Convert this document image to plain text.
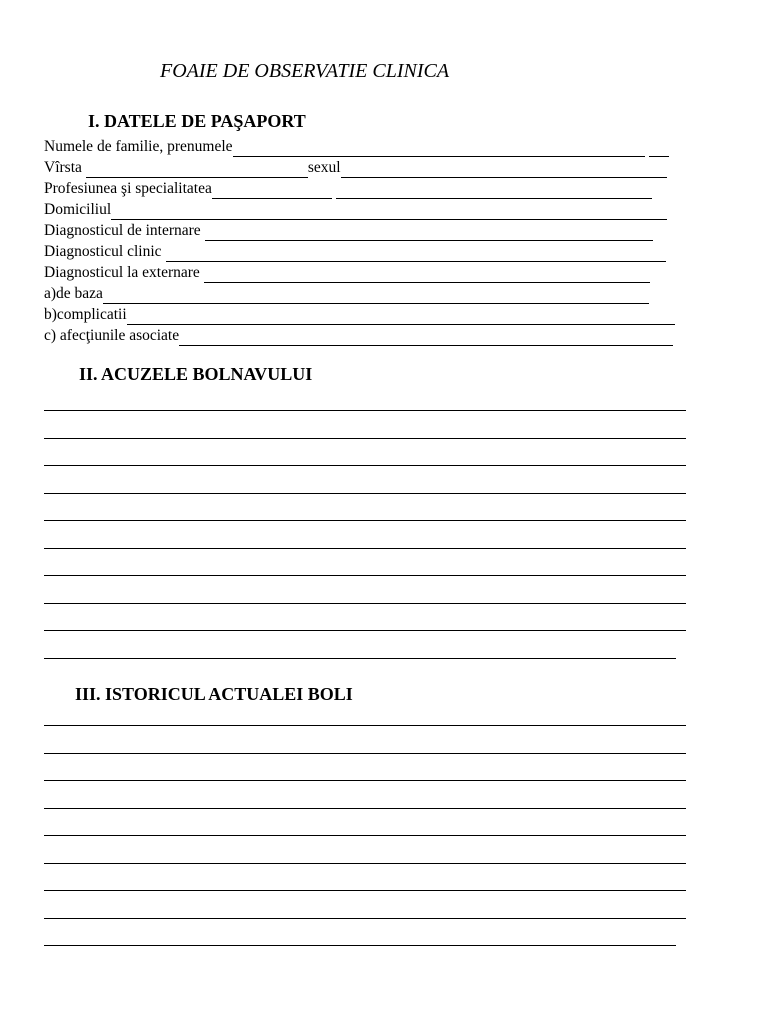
FOAIE DE OBSERVATIE CLINICA
I. DATELE DE PAŞAPORT
Numele de familie, prenumele
Vîrsta	sexul
Profesiunea şi specialitatea
Domiciliul
Diagnosticul de internare
Diagnosticul clinic
Diagnosticul la externare
a)de baza
b)complicatii
c) afecţiunile asociate
II. ACUZELE BOLNAVULUI
III. ISTORICUL ACTUALEI BOLI
